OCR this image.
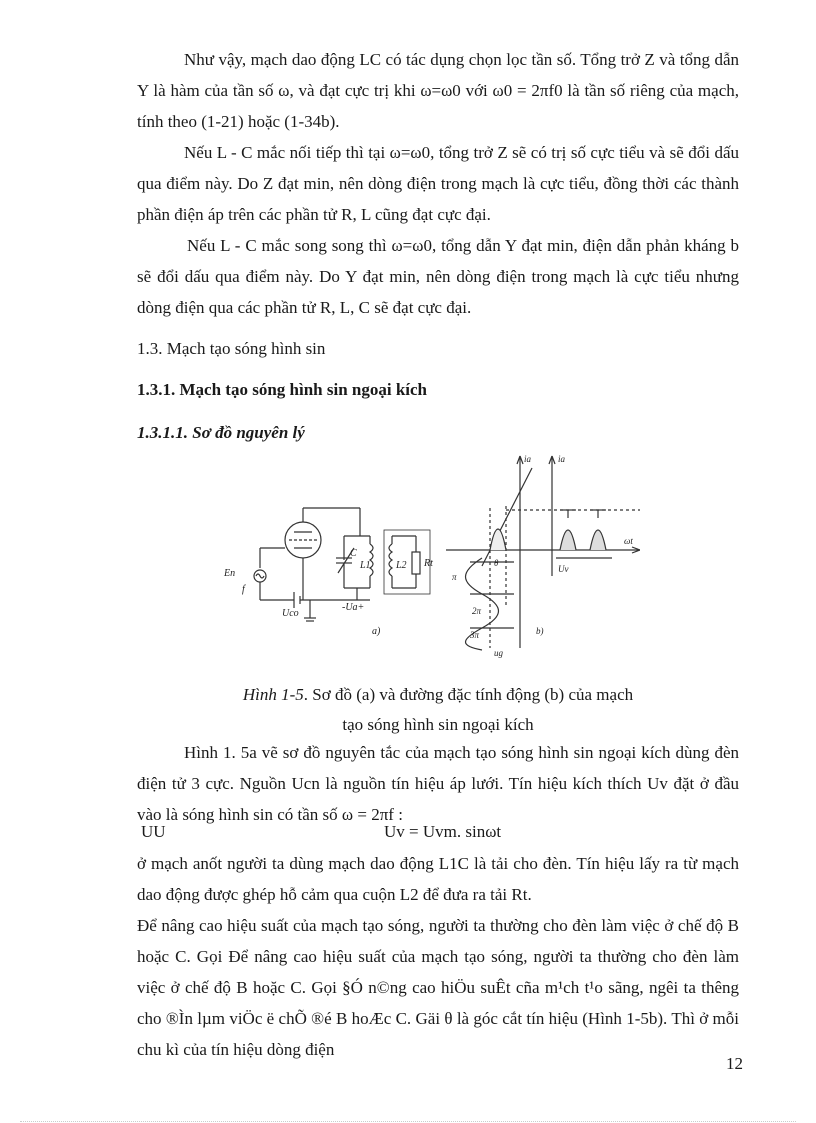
Như vậy, mạch dao động LC có tác dụng chọn lọc tần số. Tổng trở Z và tổng dẫn Y là hàm của tần số ω, và đạt cực trị khi ω=ω0 với ω0 = 2πf0 là tần số riêng của mạch, tính theo (1-21) hoặc (1-34b).

Nếu L - C mắc nối tiếp thì tại ω=ω0, tổng trở Z sẽ có trị số cực tiểu và sẽ đổi dấu qua điểm này. Do Z đạt min, nên dòng điện trong mạch là cực tiểu, đồng thời các thành phần điện áp trên các phần tử R, L cũng đạt cực đại.

Nếu L - C mắc song song thì ω=ω0, tổng dẫn Y đạt min, điện dẫn phản kháng b sẽ đổi dấu qua điểm này. Do Y đạt min, nên dòng điện trong mạch là cực tiểu nhưng dòng điện qua các phần tử R, L, C sẽ đạt cực đại.

1.3. Mạch tạo sóng hình sin
1.3.1. Mạch tạo sóng hình sin ngoại kích
1.3.1.1. Sơ đồ nguyên lý
En
f
Uco
C
L1	L2 Rt
-Ua+
a)
ia	ia
ωt
θ
Uv
π
2π
3π
ug
b)
Hình 1-5. Sơ đồ (a) và đường đặc tính động (b) của mạch
tạo sóng hình sin ngoại kích

Hình 1. 5a vẽ sơ đồ nguyên tắc của mạch tạo sóng hình sin ngoại kích dùng đèn điện tử 3 cực. Nguồn Ucn là nguồn tín hiệu áp lưới. Tín hiệu kích thích Uv đặt ở đầu vào là sóng hình sin có tần số ω = 2πf :

UU	Uv = Uvm. sinωt

ở mạch anốt người ta dùng mạch dao động L1C là tải cho đèn. Tín hiệu lấy ra từ mạch dao động được ghép hỗ cảm qua cuộn L2 để đưa ra tải Rt.

Để nâng cao hiệu suất của mạch tạo sóng, người ta thường cho đèn làm việc ở chế độ B hoặc C. Gọi Để nâng cao hiệu suất của mạch tạo sóng, người ta thường cho đèn làm việc ở chế độ B hoặc C. Gọi §Ó n©ng cao hiÖu suÊt cña m¹ch t¹o sãng, ngêi ta thêng cho ®Ìn lµm viÖc ë chÕ ®é B hoÆc C. Gäi θ là góc cắt tín hiệu (Hình 1-5b). Thì ở mỗi chu kì của tín hiệu dòng điện

12
